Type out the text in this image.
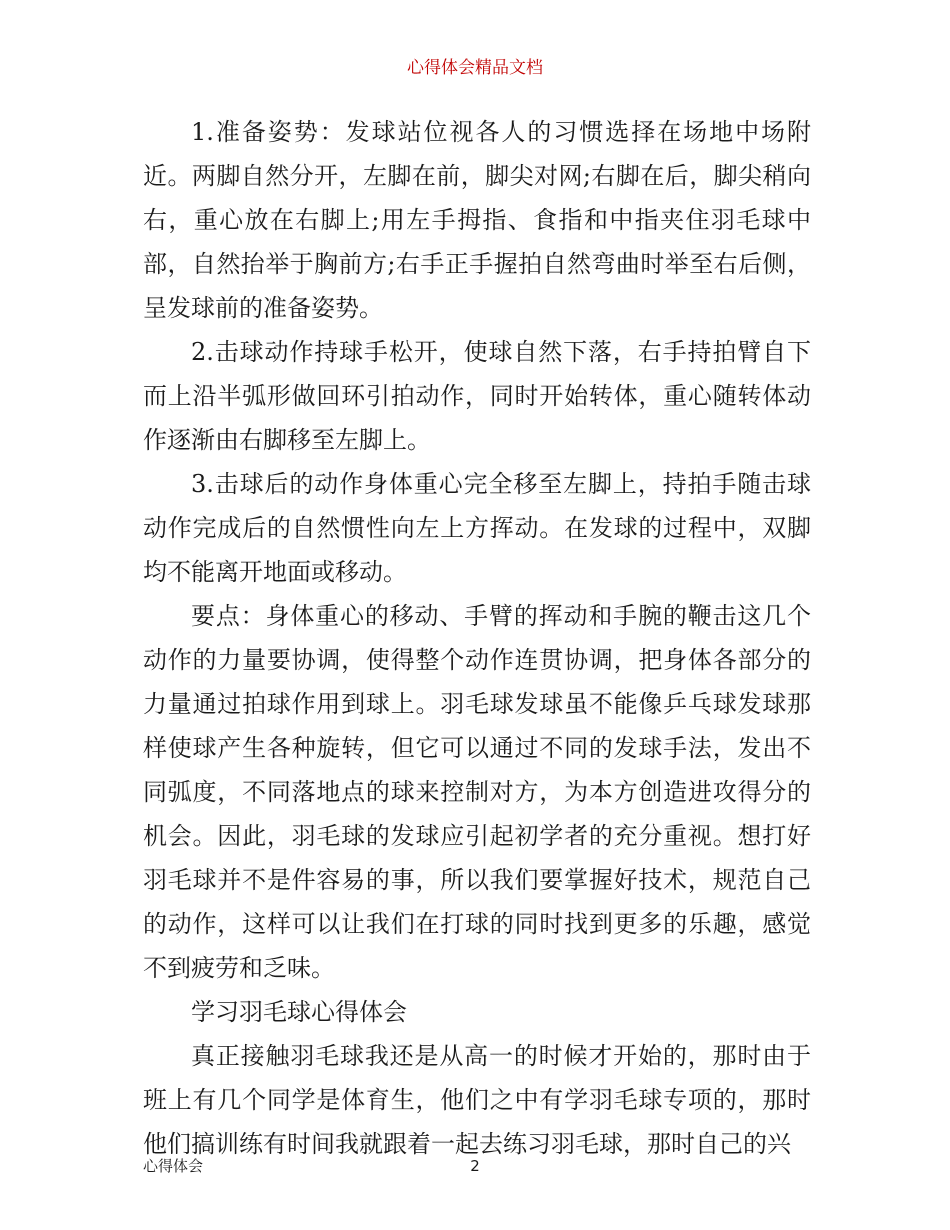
心得体会精品文档

1.准备姿势：发球站位视各人的习惯选择在场地中场附近。两脚自然分开，左脚在前，脚尖对网;右脚在后，脚尖稍向右，重心放在右脚上;用左手拇指、食指和中指夹住羽毛球中部，自然抬举于胸前方;右手正手握拍自然弯曲时举至右后侧，呈发球前的准备姿势。

2.击球动作持球手松开，使球自然下落，右手持拍臂自下而上沿半弧形做回环引拍动作，同时开始转体，重心随转体动作逐渐由右脚移至左脚上。

3.击球后的动作身体重心完全移至左脚上，持拍手随击球动作完成后的自然惯性向左上方挥动。在发球的过程中，双脚均不能离开地面或移动。

要点：身体重心的移动、手臂的挥动和手腕的鞭击这几个动作的力量要协调，使得整个动作连贯协调，把身体各部分的力量通过拍球作用到球上。羽毛球发球虽不能像乒乓球发球那样使球产生各种旋转，但它可以通过不同的发球手法，发出不同弧度，不同落地点的球来控制对方，为本方创造进攻得分的机会。因此，羽毛球的发球应引起初学者的充分重视。想打好羽毛球并不是件容易的事，所以我们要掌握好技术，规范自己的动作，这样可以让我们在打球的同时找到更多的乐趣，感觉不到疲劳和乏味。

学习羽毛球心得体会

真正接触羽毛球我还是从高一的时候才开始的，那时由于班上有几个同学是体育生，他们之中有学羽毛球专项的，那时他们搞训练有时间我就跟着一起去练习羽毛球，那时自己的兴

心得体会	2
